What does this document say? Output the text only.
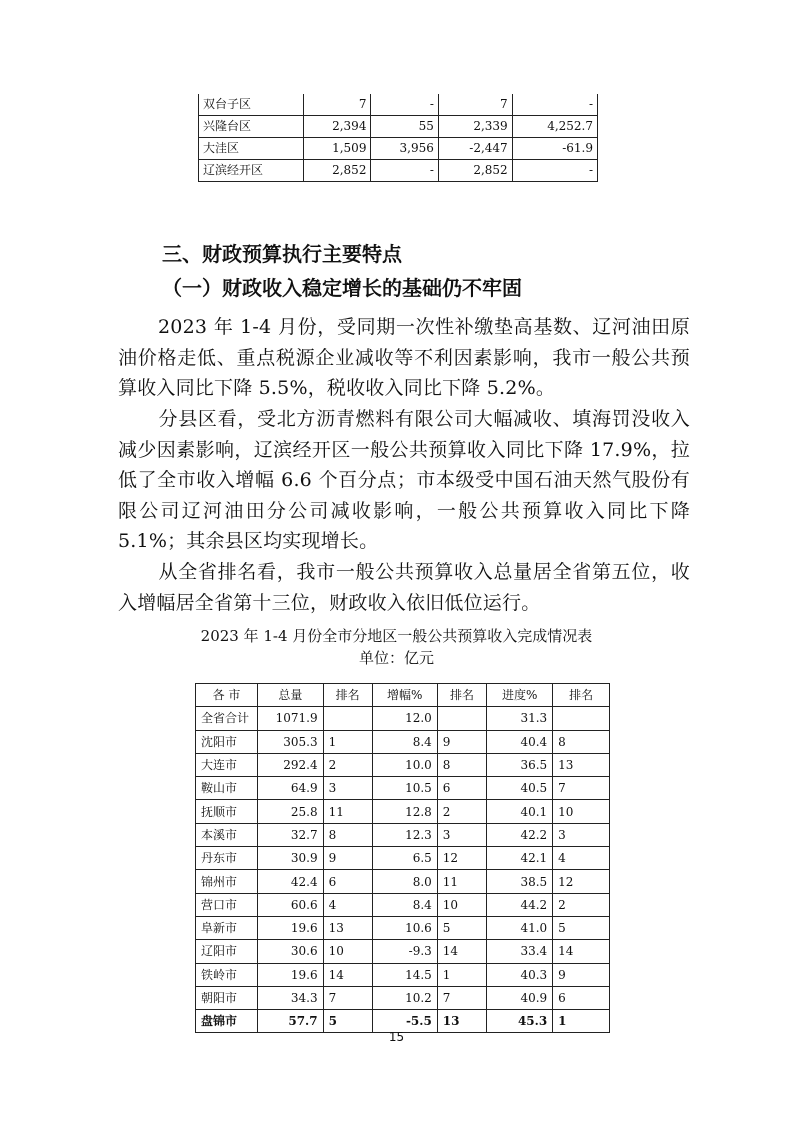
双台子区	7	-	7	-
兴隆台区	2,394	55	2,339	4,252.7
大洼区	1,509	3,956	-2,447	-61.9
辽滨经开区	2,852	-	2,852	-
三、财政预算执行主要特点
（一）财政收入稳定增长的基础仍不牢固

2023 年 1-4 月份，受同期一次性补缴垫高基数、辽河油田原油价格走低、重点税源企业减收等不利因素影响，我市一般公共预算收入同比下降 5.5%，税收收入同比下降 5.2%。

分县区看，受北方沥青燃料有限公司大幅减收、填海罚没收入减少因素影响，辽滨经开区一般公共预算收入同比下降 17.9%，拉低了全市收入增幅 6.6 个百分点；市本级受中国石油天然气股份有限公司辽河油田分公司减收影响，一般公共预算收入同比下降 5.1%；其余县区均实现增长。

从全省排名看，我市一般公共预算收入总量居全省第五位，收入增幅居全省第十三位，财政收入依旧低位运行。

2023 年 1-4 月份全市分地区一般公共预算收入完成情况表
单位：亿元
各 市	总量	排名	增幅%	排名	进度%	排名
全省合计	1071.9		12.0		31.3	
沈阳市	305.3	1	8.4	9	40.4	8
大连市	292.4	2	10.0	8	36.5	13
鞍山市	64.9	3	10.5	6	40.5	7
抚顺市	25.8	11	12.8	2	40.1	10
本溪市	32.7	8	12.3	3	42.2	3
丹东市	30.9	9	6.5	12	42.1	4
锦州市	42.4	6	8.0	11	38.5	12
营口市	60.6	4	8.4	10	44.2	2
阜新市	19.6	13	10.6	5	41.0	5
辽阳市	30.6	10	-9.3	14	33.4	14
铁岭市	19.6	14	14.5	1	40.3	9
朝阳市	34.3	7	10.2	7	40.9	6
盘锦市	57.7	5	-5.5	13	45.3	1
15
